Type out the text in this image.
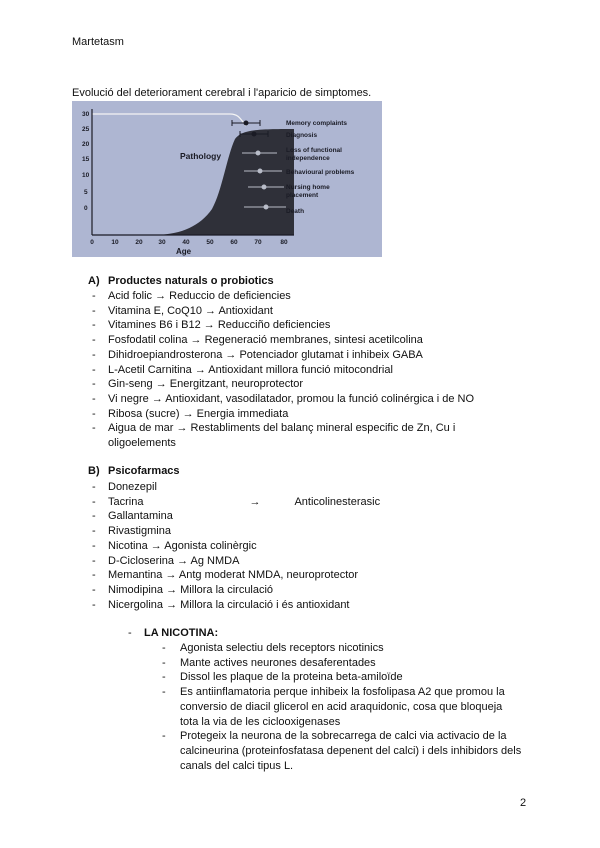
Martetasm
Evolució del deteriorament cerebral i l'aparicio de simptomes.
30
25
20
15
10
5
0
0	10	20 30	40	50	60	70	80
Age
Pathology
Memory complaints
Diagnosis
Loss of functional
independence
Behavioural problems
Nursing home
placement
Death
A) Productes naturals o probiotics
- Acid folic → Reduccio de deficiencies
- Vitamina E, CoQ10 → Antioxidant
- Vitamines B6 i B12 → Reducciño deficiencies
- Fosfodatil colina → Regeneració membranes, sintesi acetilcolina
- Dihidroepiandrosterona → Potenciador glutamat i inhibeix GABA
- L-Acetil Carnitina → Antioxidant millora funció mitocondrial
- Gin-seng → Energitzant, neuroprotector
- Vi negre → Antioxidant, vasodilatador, promou la funció colinérgica i de NO
- Ribosa (sucre) → Energia immediata
- Aigua de mar → Restabliments del balanç mineral especific de Zn, Cu i
oligoelements
B) Psicofarmacs
- Donezepil
- Tacrina	→	Anticolinesterasic
- Gallantamina
- Rivastigmina
- Nicotina → Agonista colinèrgic
- D-Cicloserina → Ag NMDA
- Memantina → Antg moderat NMDA, neuroprotector
- Nimodipina → Millora la circulació
- Nicergolina → Millora la circulació i és antioxidant
- LA NICOTINA:
- Agonista selectiu dels receptors nicotinics
- Mante actives neurones desaferentades
- Dissol les plaque de la proteina beta-amiloïde
- Es antiinflamatoria perque inhibeix la fosfolipasa A2 que promou la
conversio de diacil glicerol en acid araquidonic, cosa que bloqueja
tota la via de les ciclooxigenases
- Protegeix la neurona de la sobrecarrega de calci via activacio de la
calcineurina (proteinfosfatasa depenent del calci) i dels inhibidors dels
canals del calci tipus L.
2
